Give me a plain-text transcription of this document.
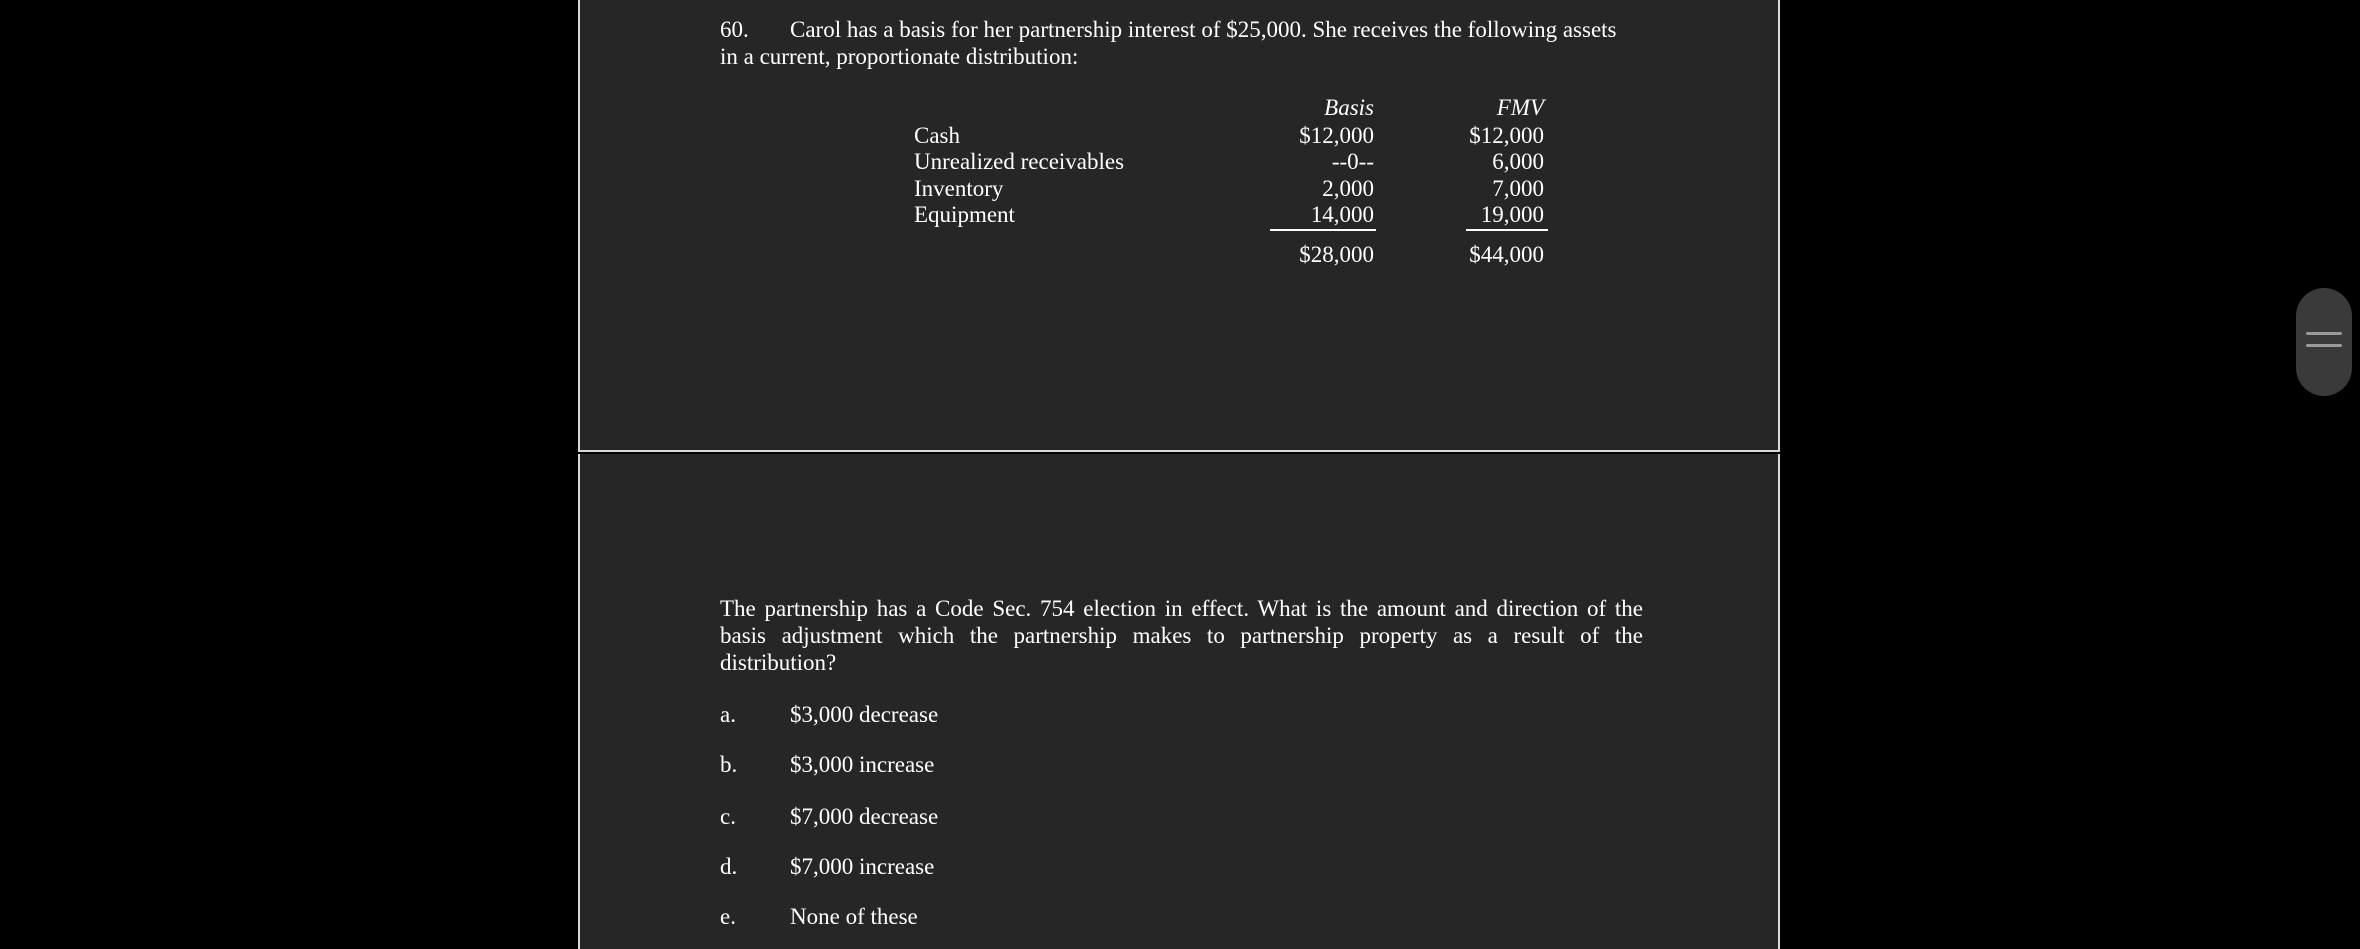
60. Carol has a basis for her partnership interest of $25,000. She receives the following assets
in a current, proportionate distribution:
Basis	FMV
Cash	$12,000	$12,000
Unrealized receivables	--0--	6,000
Inventory	2,000	7,000
Equipment	14,000	19,000
$28,000	$44,000
The partnership has a Code Sec. 754 election in effect. What is the amount and direction of the
basis adjustment which the partnership makes to partnership property as a result of the
distribution?
a. $3,000 decrease
b. $3,000 increase
c. $7,000 decrease
d. $7,000 increase
e. None of these
